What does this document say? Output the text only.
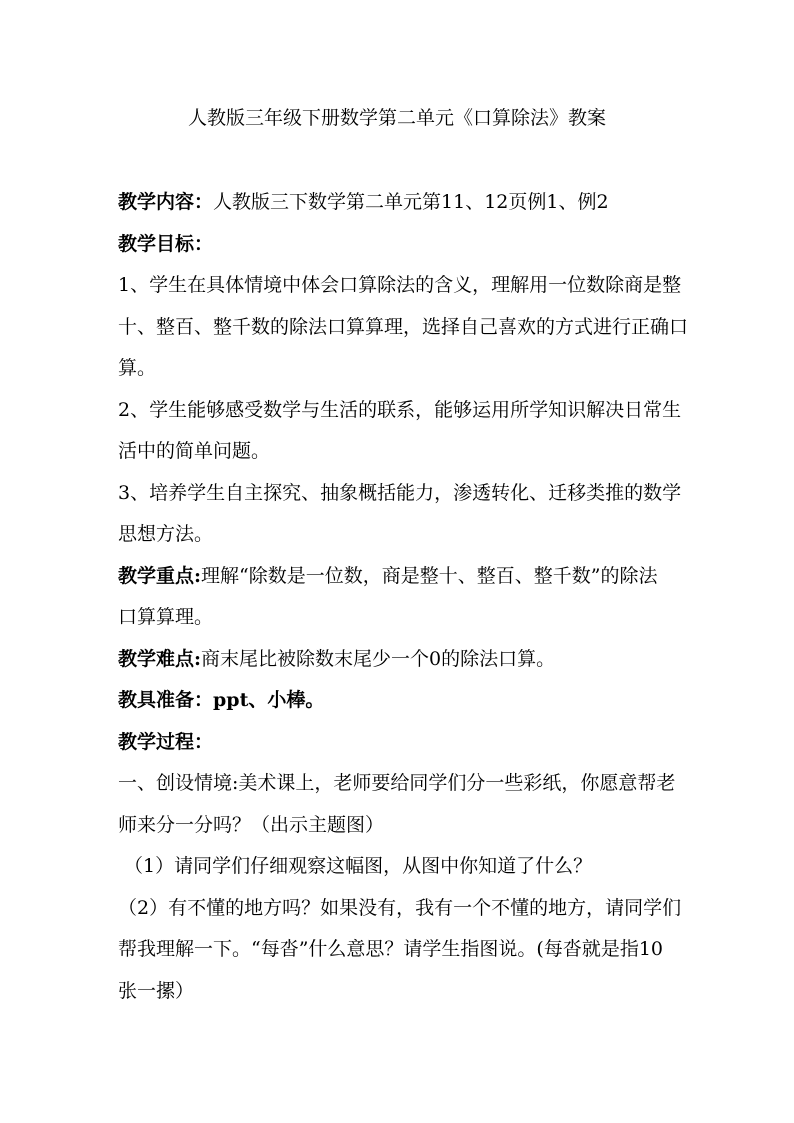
人教版三年级下册数学第二单元《口算除法》教案
教学内容：人教版三下数学第二单元第11、12页例1、例2
教学目标：
1、学生在具体情境中体会口算除法的含义，理解用一位数除商是整
十、整百、整千数的除法口算算理，选择自己喜欢的方式进行正确口
算。
2、学生能够感受数学与生活的联系，能够运用所学知识解决日常生
活中的简单问题。
3、培养学生自主探究、抽象概括能力，渗透转化、迁移类推的数学
思想方法。
教学重点:理解“除数是一位数，商是整十、整百、整千数”的除法
口算算理。
教学难点:商末尾比被除数末尾少一个0的除法口算。
教具准备：ppt、小棒。
教学过程：
一、创设情境:美术课上，老师要给同学们分一些彩纸，你愿意帮老
师来分一分吗？（出示主题图）
（1）请同学们仔细观察这幅图，从图中你知道了什么？
（2）有不懂的地方吗？如果没有，我有一个不懂的地方，请同学们
帮我理解一下。“每沓”什么意思？请学生指图说。(每沓就是指10
张一摞）
